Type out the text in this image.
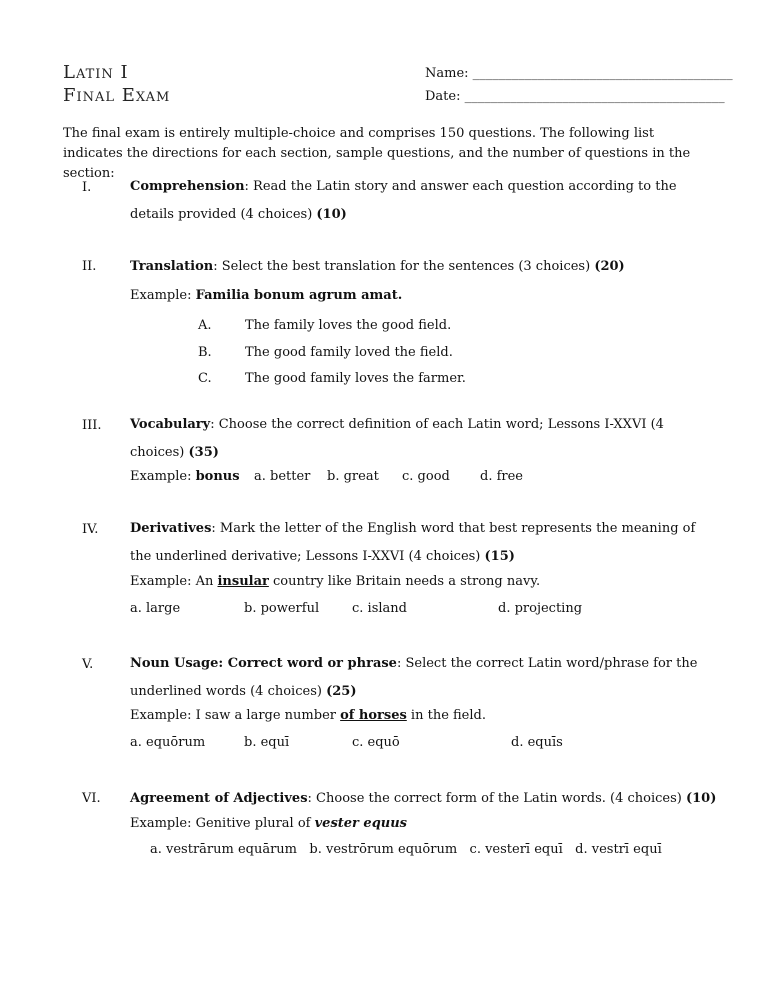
Latin I
Final Exam
Name: ________________________________________
Date: ________________________________________
The final exam is entirely multiple-choice and comprises 150 questions. The following list indicates the directions for each section, sample questions, and the number of questions in the section:
I.	Comprehension: Read the Latin story and answer each question according to the details provided (4 choices) (10)
II.	Translation: Select the best translation for the sentences (3 choices) (20)
Example: Familia bonum agrum amat.
A.	The family loves the good field.
B.	The good family loved the field.
C.	The good family loves the farmer.
III. Vocabulary: Choose the correct definition of each Latin word; Lessons I-XXVI (4 choices) (35)
Example: bonus a. better b. great c. good d. free
IV. Derivatives: Mark the letter of the English word that best represents the meaning of the underlined derivative; Lessons I-XXVI (4 choices) (15)
Example: An insular country like Britain needs a strong navy.
a. large	b. powerful	c. island	d. projecting
V.	Noun Usage: Correct word or phrase: Select the correct Latin word/phrase for the underlined words (4 choices) (25)
Example: I saw a large number of horses in the field.
a. equōrum	b. equī	c. equō	d. equīs
VI. Agreement of Adjectives: Choose the correct form of the Latin words. (4 choices) (10)
Example: Genitive plural of vester equus
a. vestrārum equārum   b. vestrōrum equōrum   c. vesterī equī   d. vestrī equī
